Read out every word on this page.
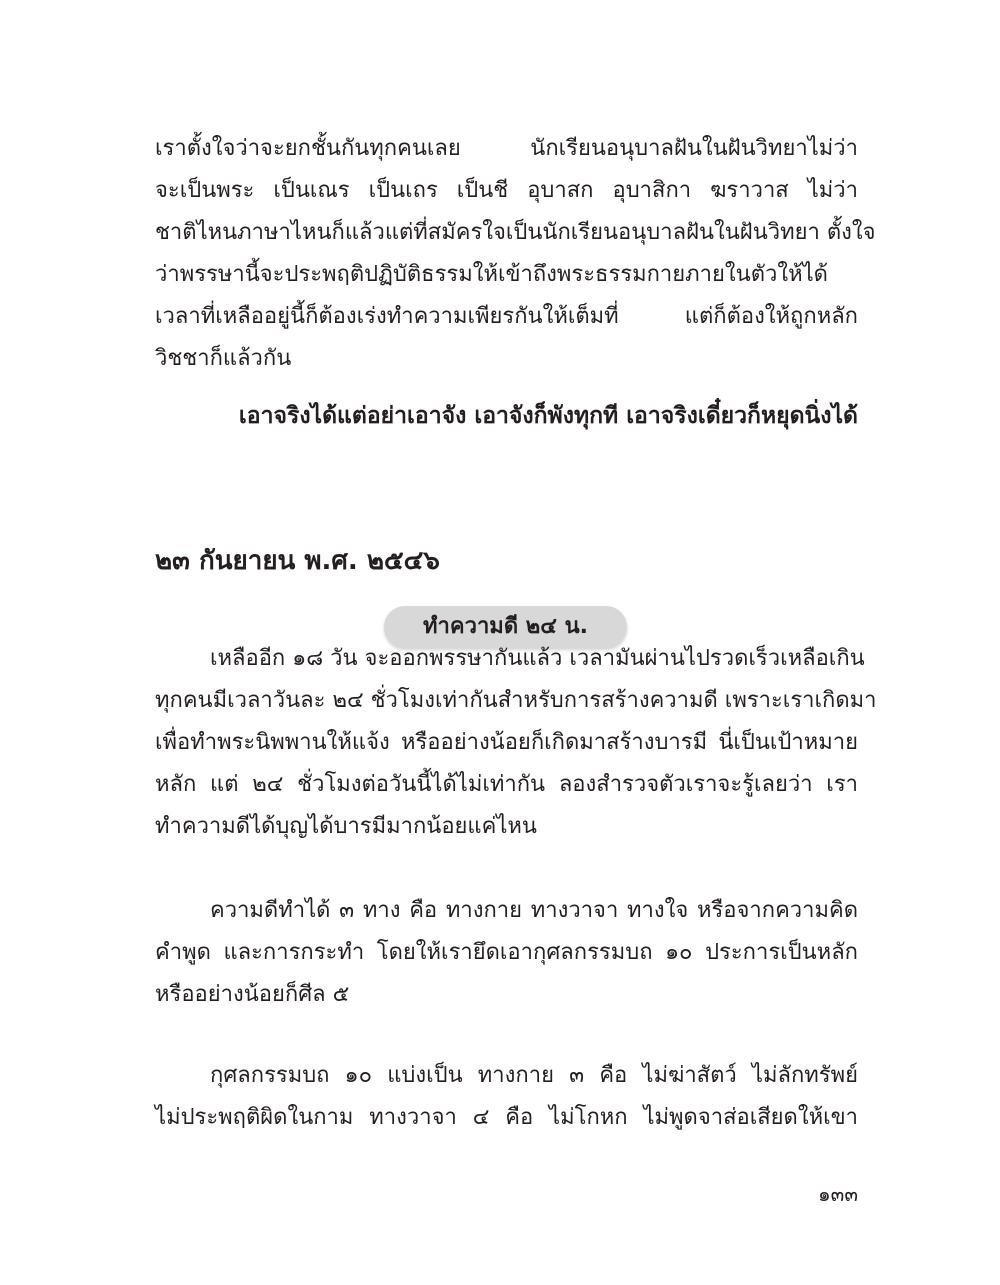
เราตั้งใจว่าจะยกชั้นกันทุกคนเลย นักเรียนอนุบาลฝันในฝันวิทยาไม่ว่า
จะเป็นพระ เป็นเณร เป็นเถร เป็นชี อุบาสก อุบาสิกา ฆราวาส ไม่ว่า
ชาติไหนภาษาไหนก็แล้วแต่ที่สมัครใจเป็นนักเรียนอนุบาลฝันในฝันวิทยา ตั้งใจ
ว่าพรรษานี้จะประพฤติปฏิบัติธรรมให้เข้าถึงพระธรรมกายภายในตัวให้ได้
เวลาที่เหลืออยู่นี้ก็ต้องเร่งทำความเพียรกันให้เต็มที่ แต่ก็ต้องให้ถูกหลัก
วิชชาก็แล้วกัน

เอาจริงได้แต่อย่าเอาจัง เอาจังก็พังทุกที เอาจริงเดี๋ยวก็หยุดนิ่งได้

๒๓ กันยายน พ.ศ. ๒๕๔๖
ทำความดี ๒๔ น.
เหลืออีก ๑๘ วัน จะออกพรรษากันแล้ว เวลามันผ่านไปรวดเร็วเหลือเกิน
ทุกคนมีเวลาวันละ ๒๔ ชั่วโมงเท่ากันสำหรับการสร้างความดี เพราะเราเกิดมา
เพื่อทำพระนิพพานให้แจ้ง หรืออย่างน้อยก็เกิดมาสร้างบารมี นี่เป็นเป้าหมาย
หลัก แต่ ๒๔ ชั่วโมงต่อวันนี้ได้ไม่เท่ากัน ลองสำรวจตัวเราจะรู้เลยว่า เรา
ทำความดีได้บุญได้บารมีมากน้อยแค่ไหน
ความดีทำได้ ๓ ทาง คือ ทางกาย ทางวาจา ทางใจ หรือจากความคิด
คำพูด และการกระทำ โดยให้เรายึดเอากุศลกรรมบถ ๑๐ ประการเป็นหลัก
หรืออย่างน้อยก็ศีล ๕
กุศลกรรมบถ ๑๐ แบ่งเป็น ทางกาย ๓ คือ ไม่ฆ่าสัตว์ ไม่ลักทรัพย์
ไม่ประพฤติผิดในกาม ทางวาจา ๔ คือ ไม่โกหก ไม่พูดจาส่อเสียดให้เขา
๑๓๓
